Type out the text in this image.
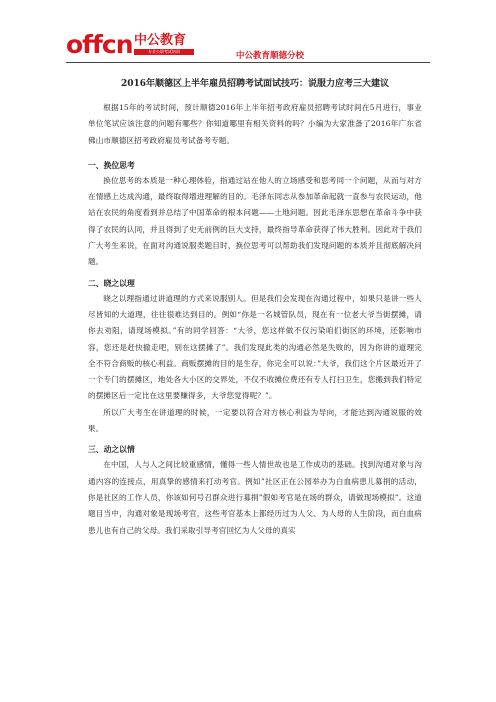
offcn 中公教育
专业公职考试培训	中公教育顺德分校
2016年顺德区上半年雇员招聘考试面试技巧：说服力应考三大建议

根据15年的考试时间，预计顺德2016年上半年招考政府雇员招聘考试时间在5月进行，事业单位笔试应该注意的问题有哪些？你知道哪里有相关资料的吗？小编为大家准备了2016年广东省佛山市顺德区招考政府雇员考试备考专题。

一、换位思考

换位思考的本质是一种心理体验，指通过站在他人的立场感受和思考同一个问题，从而与对方在情感上达成沟通，最终取得增进理解的目的。毛泽东同志从参加革命起就一直参与农民运动，他站在农民的角度看到并总结了中国革命的根本问题——土地问题。因此毛泽东思想在革命斗争中获得了农民的认同，并且得到了史无前例的巨大支持，最终指导革命获得了伟大胜利。因此对于我们广大考生来说，在面对沟通说服类题目时，换位思考可以帮助我们发现问题的本质并且彻底解决问题。

二、晓之以理

晓之以理指通过讲道理的方式来说服别人。但是我们会发现在沟通过程中，如果只是讲一些人尽皆知的大道理，往往很难达到目的。例如“你是一名城管队员，现在有一位老大爷当街摆摊，请你去劝阻，请现场模拟。”有的同学回答：“大爷，您这样做不仅污染咱们街区的环境，还影响市容，您还是赶快撤走吧，别在这摆摊了”。我们发现此类的沟通必然是失败的，因为你讲的道理完全不符合商贩的核心利益。商贩摆摊的目的是生存，你完全可以说：”大爷，我们这个片区最近开了一个专门的摆摊区，地处各大小区的交界处，不仅不收摊位费还有专人打扫卫生，您搬到我们特定的摆摊区后一定比在这里要赚得多，大爷您觉得呢？”。

所以广大考生在讲道理的时候，一定要以符合对方核心利益为导向，才能达到沟通说服的效果。

三、动之以情

在中国，人与人之间比较重感情，懂得一些人情世故也是工作成功的基础。找到沟通对象与沟通内容的连接点，用真挚的感情来打动考官。例如”社区正在公园举办为白血病患儿募捐的活动，你是社区的工作人员，你该如何号召群众进行募捐”假如考官是在场的群众，请做现场模拟”。这道题目当中，沟通对象是现场考官，这些考官基本上都经历过为人父、为人母的人生阶段，而白血病患儿也有自己的父母。我们采取引导考官回忆为人父母的真实
